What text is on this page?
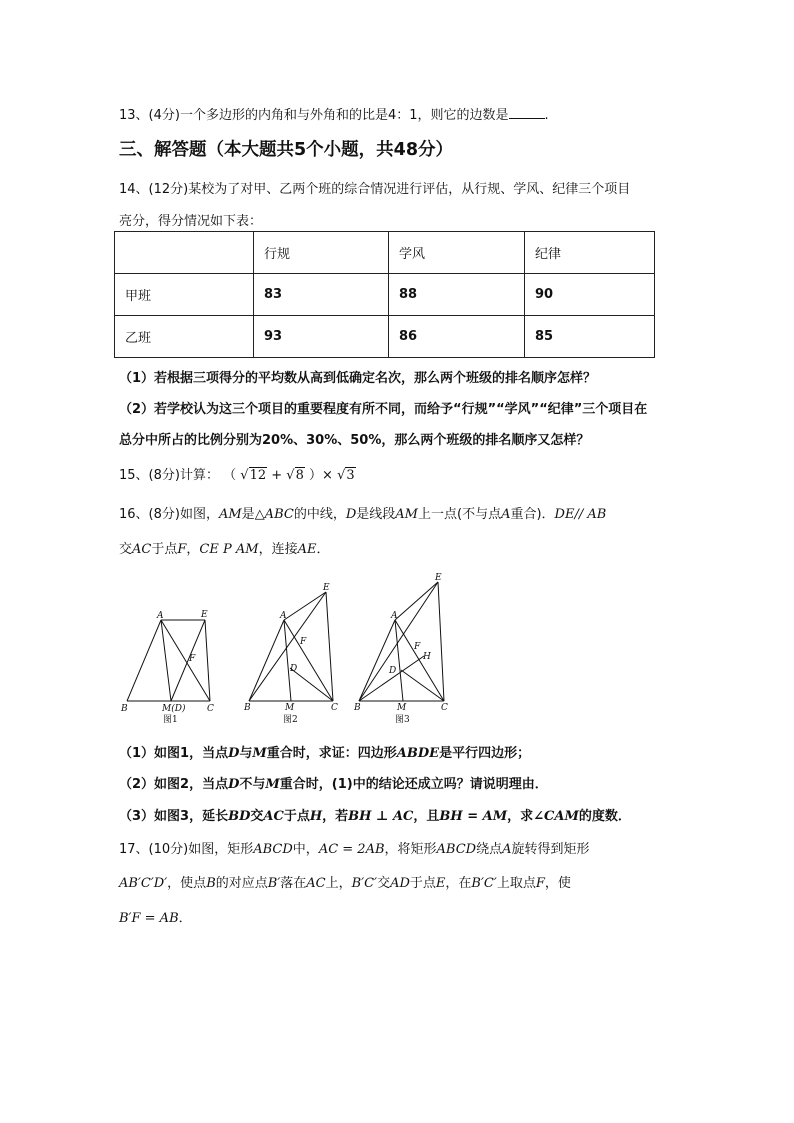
13、(4分)一个多边形的内角和与外角和的比是4：1，则它的边数是	.
三、解答题（本大题共5个小题，共48分）
14、(12分)某校为了对甲、乙两个班的综合情况进行评估，从行规、学风、纪律三个项目
亮分，得分情况如下表：
	行规	学风	纪律
甲班	83	88	90
乙班	93	86	85
（1）若根据三项得分的平均数从高到低确定名次，那么两个班级的排名顺序怎样？
（2）若学校认为这三个项目的重要程度有所不同，而给予“行规”“学风”“纪律”三个项目在
总分中所占的比例分别为20%、30%、50%，那么两个班级的排名顺序又怎样？
15、(8分)计算： （ √12 + √8 ）× √3
16、(8分)如图，AM是△ABC的中线，D是线段AM上一点(不与点A重合)．DE// AB
交AC于点F，CE P AM，连接AE．
A	E
F
B	M(D) C
图1
A
E
F
D
B	M	C
图2
A
E
F
H
D
B	M	C
图3
（1）如图1，当点D与M重合时，求证：四边形ABDE是平行四边形；
（2）如图2，当点D不与M重合时，(1)中的结论还成立吗？请说明理由．
（3）如图3，延长BD交AC于点H，若BH ⊥ AC，且BH = AM，求∠CAM的度数．
17、(10分)如图，矩形ABCD中，AC = 2AB，将矩形ABCD绕点A旋转得到矩形
AB′C′D′，使点B的对应点B′落在AC上，B′C′交AD于点E，在B′C′上取点F，使
B′F = AB．
